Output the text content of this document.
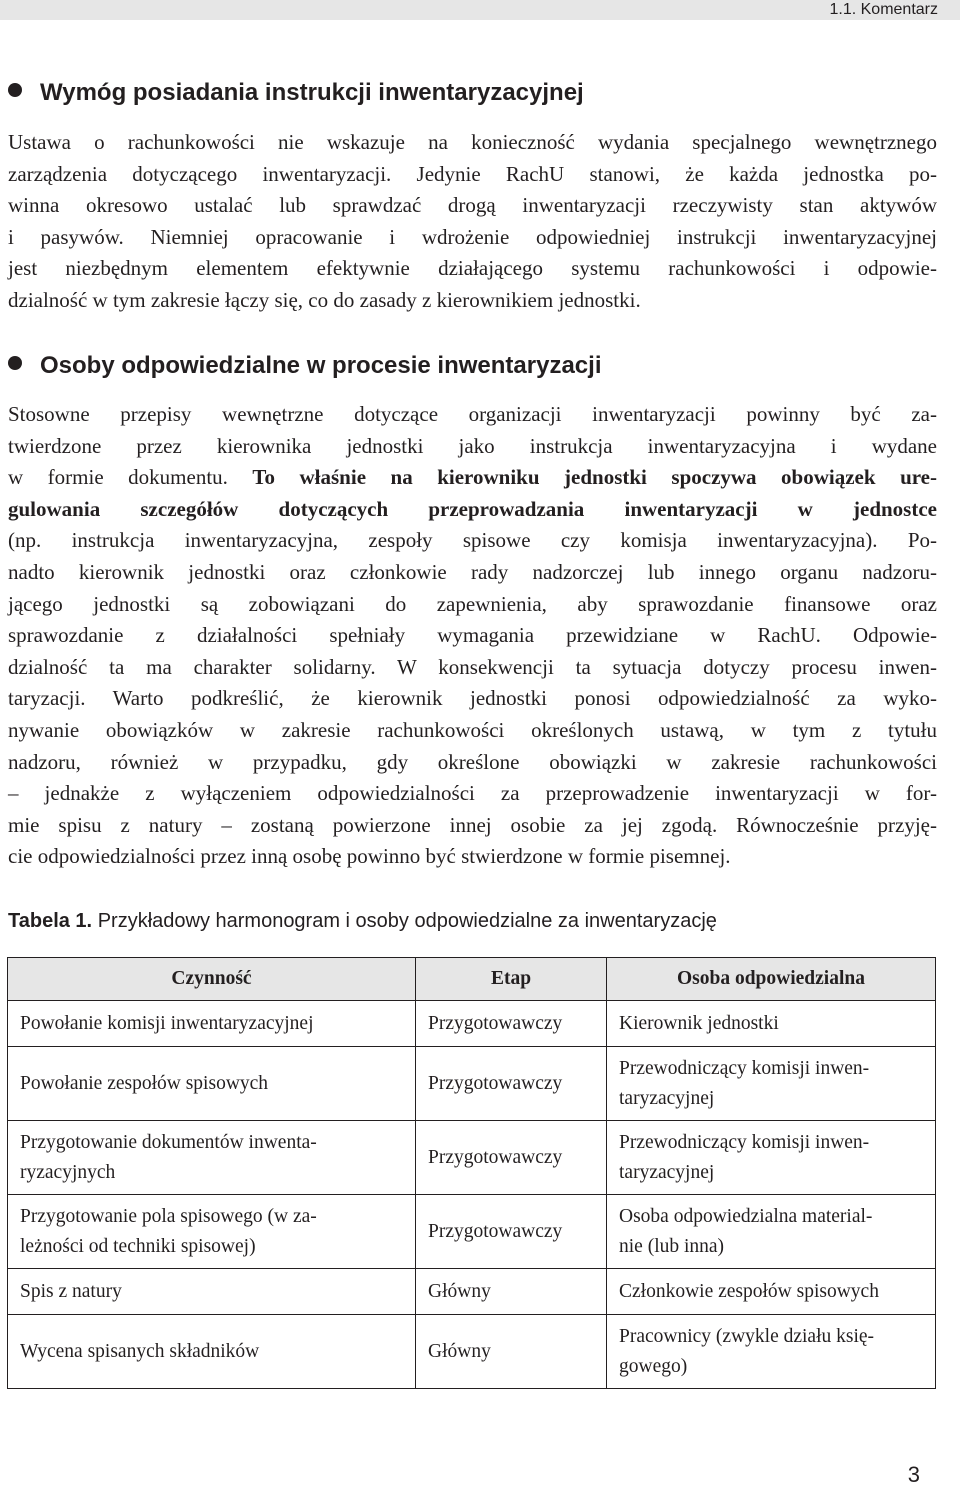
1.1. Komentarz
Wymóg posiadania instrukcji inwentaryzacyjnej
Ustawa o rachunkowości nie wskazuje na konieczność wydania specjalnego wewnętrznego
zarządzenia dotyczącego inwentaryzacji. Jedynie RachU stanowi, że każda jednostka po-
winna okresowo ustalać lub sprawdzać drogą inwentaryzacji rzeczywisty stan aktywów
i pasywów. Niemniej opracowanie i wdrożenie odpowiedniej instrukcji inwentaryzacyjnej
jest niezbędnym elementem efektywnie działającego systemu rachunkowości i odpowie-
dzialność w tym zakresie łączy się, co do zasady z kierownikiem jednostki.
Osoby odpowiedzialne w procesie inwentaryzacji
Stosowne przepisy wewnętrzne dotyczące organizacji inwentaryzacji powinny być za-
twierdzone przez kierownika jednostki jako instrukcja inwentaryzacyjna i wydane
w formie dokumentu. To właśnie na kierowniku jednostki spoczywa obowiązek ure-
gulowania szczegółów dotyczących przeprowadzania inwentaryzacji w jednostce
(np. instrukcja inwentaryzacyjna, zespoły spisowe czy komisja inwentaryzacyjna). Po-
nadto kierownik jednostki oraz członkowie rady nadzorczej lub innego organu nadzoru-
jącego jednostki są zobowiązani do zapewnienia, aby sprawozdanie finansowe oraz
sprawozdanie z działalności spełniały wymagania przewidziane w RachU. Odpowie-
dzialność ta ma charakter solidarny. W konsekwencji ta sytuacja dotyczy procesu inwen-
taryzacji. Warto podkreślić, że kierownik jednostki ponosi odpowiedzialność za wyko-
nywanie obowiązków w zakresie rachunkowości określonych ustawą, w tym z tytułu
nadzoru, również w przypadku, gdy określone obowiązki w zakresie rachunkowości
– jednakże z wyłączeniem odpowiedzialności za przeprowadzenie inwentaryzacji w for-
mie spisu z natury – zostaną powierzone innej osobie za jej zgodą. Równocześnie przyję-
cie odpowiedzialności przez inną osobę powinno być stwierdzone w formie pisemnej.
Tabela 1. Przykładowy harmonogram i osoby odpowiedzialne za inwentaryzację
Czynność	Etap	Osoba odpowiedzialna
Powołanie komisji inwentaryzacyjnej	Przygotowawczy	Kierownik jednostki
Powołanie zespołów spisowych	Przygotowawczy	Przewodniczący komisji inwen-
taryzacyjnej
Przygotowanie dokumentów inwenta-
ryzacyjnych	Przygotowawczy	Przewodniczący komisji inwen-
taryzacyjnej
Przygotowanie pola spisowego (w za-
leżności od techniki spisowej)	Przygotowawczy	Osoba odpowiedzialna material-
nie (lub inna)
Spis z natury	Główny	Członkowie zespołów spisowych
Wycena spisanych składników	Główny	Pracownicy (zwykle działu księ-
gowego)
3
